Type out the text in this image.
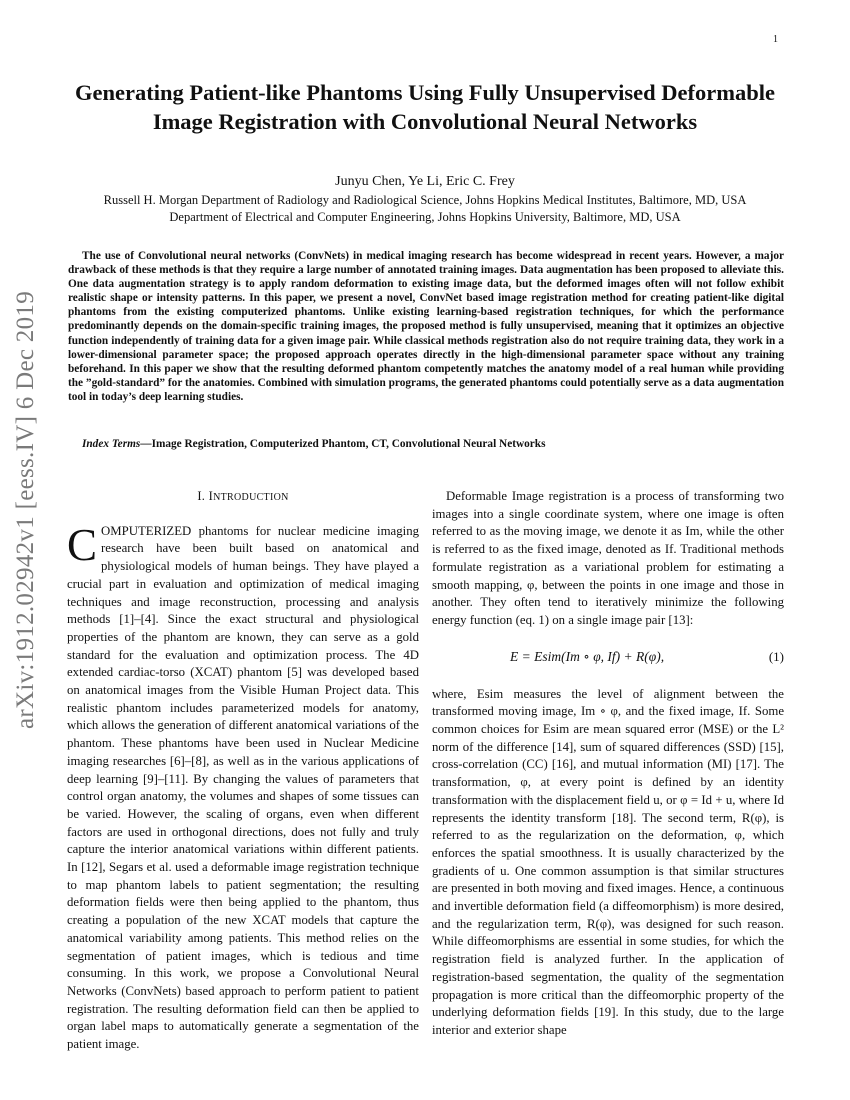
1
arXiv:1912.02942v1 [eess.IV] 6 Dec 2019
Generating Patient-like Phantoms Using Fully Unsupervised Deformable Image Registration with Convolutional Neural Networks
Junyu Chen, Ye Li, Eric C. Frey
Russell H. Morgan Department of Radiology and Radiological Science, Johns Hopkins Medical Institutes, Baltimore, MD, USA
Department of Electrical and Computer Engineering, Johns Hopkins University, Baltimore, MD, USA

The use of Convolutional neural networks (ConvNets) in medical imaging research has become widespread in recent years. However, a major drawback of these methods is that they require a large number of annotated training images. Data augmentation has been proposed to alleviate this. One data augmentation strategy is to apply random deformation to existing image data, but the deformed images often will not follow exhibit realistic shape or intensity patterns. In this paper, we present a novel, ConvNet based image registration method for creating patient-like digital phantoms from the existing computerized phantoms. Unlike existing learning-based registration techniques, for which the performance predominantly depends on the domain-specific training images, the proposed method is fully unsupervised, meaning that it optimizes an objective function independently of training data for a given image pair. While classical methods registration also do not require training data, they work in a lower-dimensional parameter space; the proposed approach operates directly in the high-dimensional parameter space without any training beforehand. In this paper we show that the resulting deformed phantom competently matches the anatomy model of a real human while providing the ”gold-standard” for the anatomies. Combined with simulation programs, the generated phantoms could potentially serve as a data augmentation tool in today’s deep learning studies.

Index Terms—Image Registration, Computerized Phantom, CT, Convolutional Neural Networks

I. INTRODUCTION
C OMPUTERIZED phantoms for nuclear medicine imaging research have been built based on anatomical and physiological models of human beings. They have played a crucial part in evaluation and optimization of medical imaging techniques and image reconstruction, processing and analysis methods [1]–[4]. Since the exact structural and physiological properties of the phantom are known, they can serve as a gold standard for the evaluation and optimization process. The 4D extended cardiac-torso (XCAT) phantom [5] was developed based on anatomical images from the Visible Human Project data. This realistic phantom includes parameterized models for anatomy, which allows the generation of different anatomical variations of the phantom. These phantoms have been used in Nuclear Medicine imaging researches [6]–[8], as well as in the various applications of deep learning [9]–[11]. By changing the values of parameters that control organ anatomy, the volumes and shapes of some tissues can be varied. However, the scaling of organs, even when different factors are used in orthogonal directions, does not fully and truly capture the interior anatomical variations within different patients. In [12], Segars et al. used a deformable image registration technique to map phantom labels to patient segmentation; the resulting deformation fields were then being applied to the phantom, thus creating a population of the new XCAT models that capture the anatomical variability among patients. This method relies on the segmentation of patient images, which is tedious and time consuming. In this work, we propose a Convolutional Neural Networks (ConvNets) based approach to perform patient to patient registration. The resulting deformation field can then be applied to organ label maps to automatically generate a segmentation of the patient image.

Deformable Image registration is a process of transforming two images into a single coordinate system, where one image is often referred to as the moving image, we denote it as Im, while the other is referred to as the fixed image, denoted as If. Traditional methods formulate registration as a variational problem for estimating a smooth mapping, φ, between the points in one image and those in another. They often tend to iteratively minimize the following energy function (eq. 1) on a single image pair [13]:

E = Esim(Im ∘ φ, If) + R(φ),	(1)

where, Esim measures the level of alignment between the transformed moving image, Im ∘ φ, and the fixed image, If. Some common choices for Esim are mean squared error (MSE) or the L² norm of the difference [14], sum of squared differences (SSD) [15], cross-correlation (CC) [16], and mutual information (MI) [17]. The transformation, φ, at every point is defined by an identity transformation with the displacement field u, or φ = Id + u, where Id represents the identity transform [18]. The second term, R(φ), is referred to as the regularization on the deformation, φ, which enforces the spatial smoothness. It is usually characterized by the gradients of u. One common assumption is that similar structures are presented in both moving and fixed images. Hence, a continuous and invertible deformation field (a diffeomorphism) is more desired, and the regularization term, R(φ), was designed for such reason. While diffeomorphisms are essential in some studies, for which the registration field is analyzed further. In the application of registration-based segmentation, the quality of the segmentation propagation is more critical than the diffeomorphic property of the underlying deformation fields [19]. In this study, due to the large interior and exterior shape
